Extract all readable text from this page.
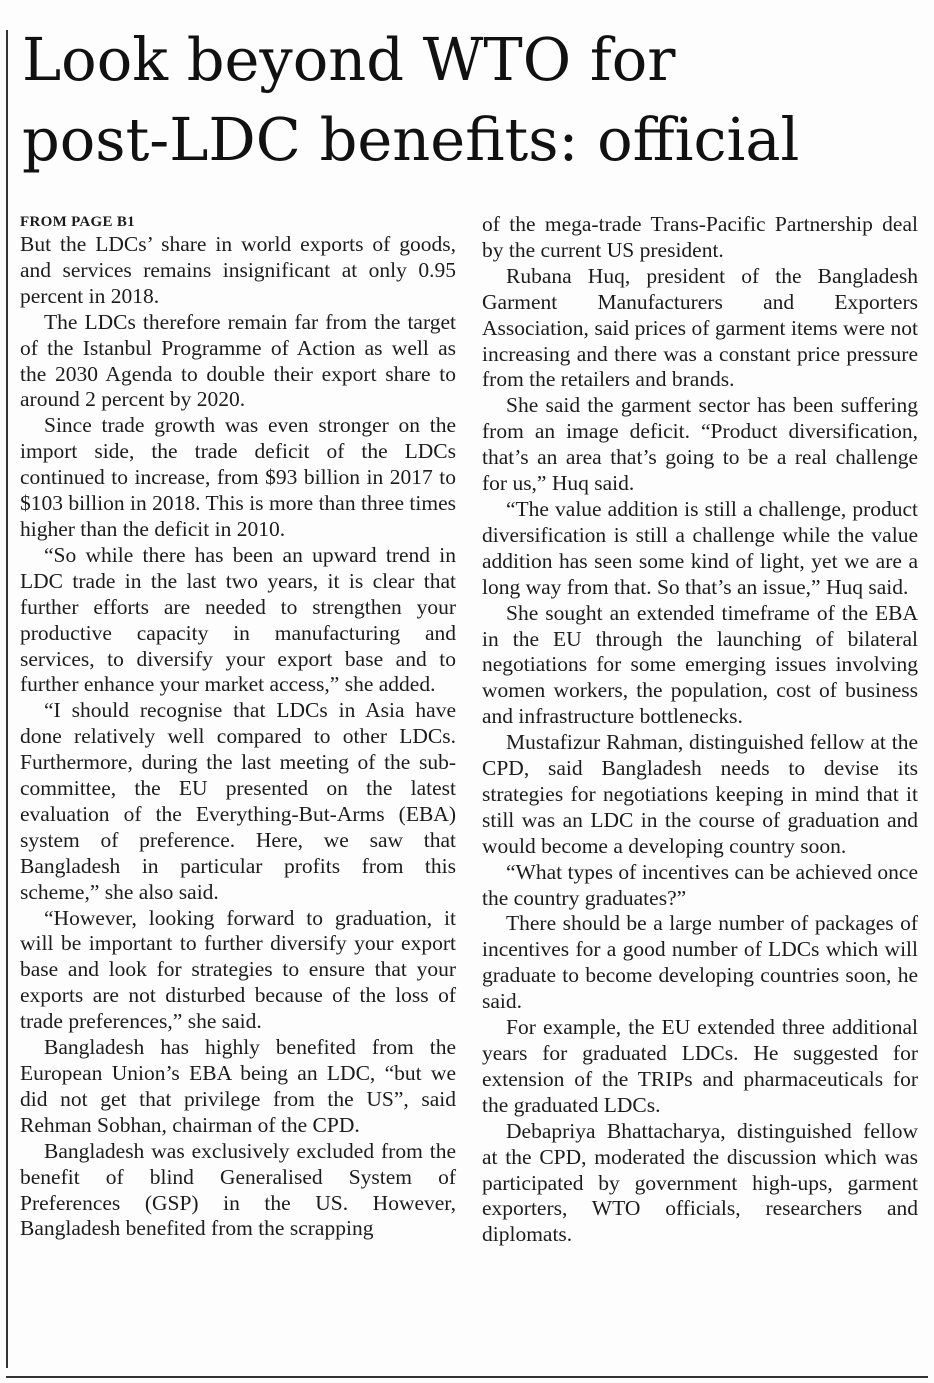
Look beyond WTO for
post-LDC benefits: official
FROM PAGE B1

But the LDCs’ share in world exports of goods, and services remains insignificant at only 0.95 percent in 2018.

The LDCs therefore remain far from the target of the Istanbul Programme of Action as well as the 2030 Agenda to double their export share to around 2 percent by 2020.

Since trade growth was even stronger on the import side, the trade deficit of the LDCs continued to increase, from $93 billion in 2017 to $103 billion in 2018. This is more than three times higher than the deficit in 2010.

“So while there has been an upward trend in LDC trade in the last two years, it is clear that further efforts are needed to strengthen your productive capacity in manufacturing and services, to diversify your export base and to further enhance your market access,” she added.

“I should recognise that LDCs in Asia have done relatively well compared to other LDCs. Furthermore, during the last meeting of the sub-committee, the EU presented on the latest evaluation of the Everything-But-Arms (EBA) system of preference. Here, we saw that Bangladesh in particular profits from this scheme,” she also said.

“However, looking forward to graduation, it will be important to further diversify your export base and look for strategies to ensure that your exports are not disturbed because of the loss of trade preferences,” she said.

Bangladesh has highly benefited from the European Union’s EBA being an LDC, “but we did not get that privilege from the US”, said Rehman Sobhan, chairman of the CPD.

Bangladesh was exclusively excluded from the benefit of blind Generalised System of Preferences (GSP) in the US. However, Bangladesh benefited from the scrapping

of the mega-trade Trans-Pacific Partnership deal by the current US president.

Rubana Huq, president of the Bangladesh Garment Manufacturers and Exporters Association, said prices of garment items were not increasing and there was a constant price pressure from the retailers and brands.

She said the garment sector has been suffering from an image deficit. “Product diversification, that’s an area that’s going to be a real challenge for us,” Huq said.

“The value addition is still a challenge, product diversification is still a challenge while the value addition has seen some kind of light, yet we are a long way from that. So that’s an issue,” Huq said.

She sought an extended timeframe of the EBA in the EU through the launching of bilateral negotiations for some emerging issues involving women workers, the population, cost of business and infrastructure bottlenecks.

Mustafizur Rahman, distinguished fellow at the CPD, said Bangladesh needs to devise its strategies for negotiations keeping in mind that it still was an LDC in the course of graduation and would become a developing country soon.

“What types of incentives can be achieved once the country graduates?”

There should be a large number of packages of incentives for a good number of LDCs which will graduate to become developing countries soon, he said.

For example, the EU extended three additional years for graduated LDCs. He suggested for extension of the TRIPs and pharmaceuticals for the graduated LDCs.

Debapriya Bhattacharya, distinguished fellow at the CPD, moderated the discussion which was participated by government high-ups, garment exporters, WTO officials, researchers and diplomats.
